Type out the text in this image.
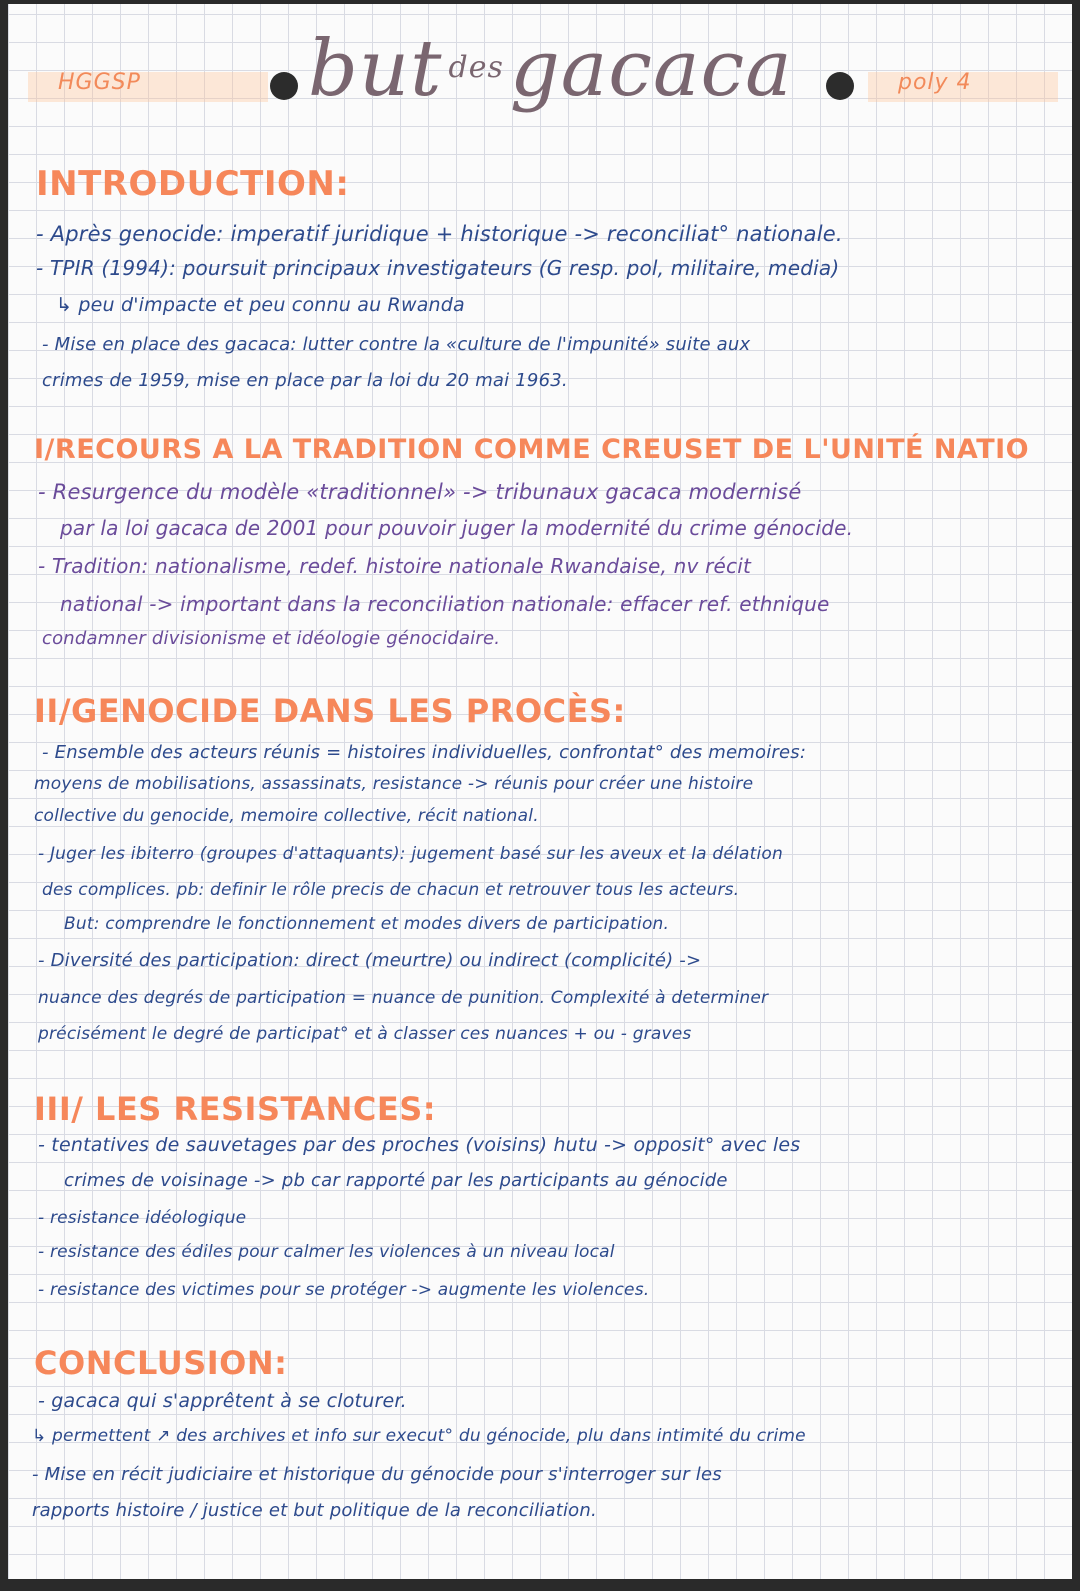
HGGSP but $^{des}$gacaca	poly 4
INTRODUCTION:
- Après genocide: imperatif juridique + historique -> reconciliat° nationale.
- TPIR (1994): poursuit principaux investigateurs (G resp. pol, militaire, media)
↳ peu d'impacte et peu connu au Rwanda
- Mise en place des gacaca: lutter contre la «culture de l'impunité» suite aux
crimes de 1959, mise en place par la loi du 20 mai 1963.
I/RECOURS A LA TRADITION COMME CREUSET DE L'UNITÉ NATIO
- Resurgence du modèle «traditionnel» -> tribunaux gacaca modernisé
par la loi gacaca de 2001 pour pouvoir juger la modernité du crime génocide.
- Tradition: nationalisme, redef. histoire nationale Rwandaise, nv récit
national -> important dans la reconciliation nationale: effacer ref. ethnique
condamner divisionisme et idéologie génocidaire.
II/GENOCIDE DANS LES PROCÈS:
- Ensemble des acteurs réunis = histoires individuelles, confrontat° des memoires:
moyens de mobilisations, assassinats, resistance -> réunis pour créer une histoire
collective du genocide, memoire collective, récit national.
- Juger les ibiterro (groupes d'attaquants): jugement basé sur les aveux et la délation
des complices. pb: definir le rôle precis de chacun et retrouver tous les acteurs.
But: comprendre le fonctionnement et modes divers de participation.
- Diversité des participation: direct (meurtre) ou indirect (complicité) ->
nuance des degrés de participation = nuance de punition. Complexité à determiner
précisément le degré de participat° et à classer ces nuances + ou - graves
III/ LES RESISTANCES:
- tentatives de sauvetages par des proches (voisins) hutu -> opposit° avec les
crimes de voisinage -> pb car rapporté par les participants au génocide
- resistance idéologique
- resistance des édiles pour calmer les violences à un niveau local
- resistance des victimes pour se protéger -> augmente les violences.
CONCLUSION:
- gacaca qui s'apprêtent à se cloturer.
↳ permettent ↗ des archives et info sur execut° du génocide, plu dans intimité du crime
- Mise en récit judiciaire et historique du génocide pour s'interroger sur les
rapports histoire / justice et but politique de la reconciliation.
